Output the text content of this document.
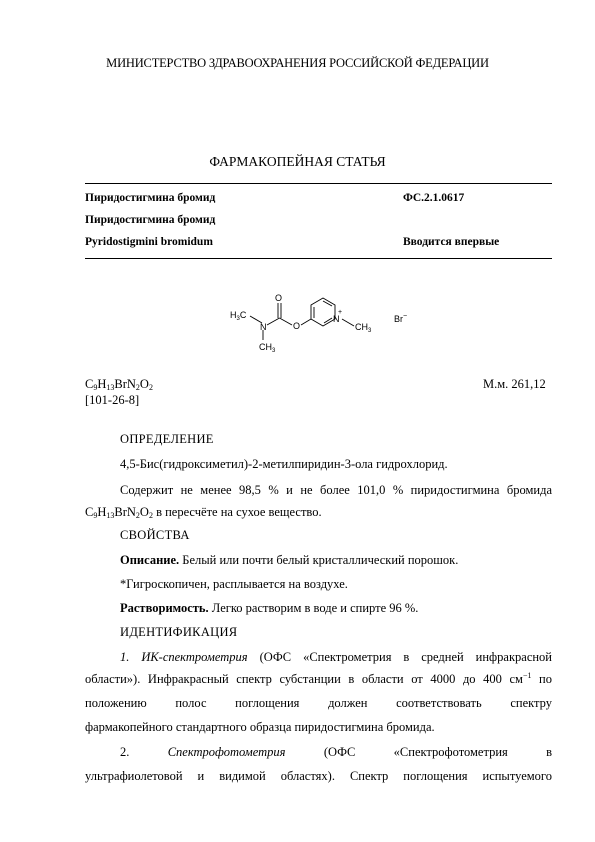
МИНИСТЕРСТВО ЗДРАВООХРАНЕНИЯ РОССИЙСКОЙ ФЕДЕРАЦИИ
ФАРМАКОПЕЙНАЯ СТАТЬЯ
Пиридостигмина бромид	ФС.2.1.0617
Пиридостигмина бромид
Pyridostigmini bromidum	Вводится впервые
O
N
$H_3C$
$CH_3$
O
N
+
$CH_3$
Br−
$C_9H_{13}BrN_2O_2$	М.м. 261,12
[101-26-8]
ОПРЕДЕЛЕНИЕ
4,5-Бис(гидроксиметил)-2-метилпиридин-3-ола гидрохлорид.
Содержит не менее 98,5 % и не более 101,0 % пиридостигмина бромида
$C_9H_{13}BrN_2O_2$ в пересчёте на сухое вещество.
СВОЙСТВА
Описание. Белый или почти белый кристаллический порошок.
*Гигроскопичен, расплывается на воздухе.
Растворимость. Легко растворим в воде и спирте 96 %.
ИДЕНТИФИКАЦИЯ
1. ИК-спектрометрия (ОФС «Спектрометрия в средней инфракрасной
области»). Инфракрасный спектр субстанции в области от 4000 до 400 $см^{-1}$ по
положению полос поглощения должен соответствовать спектру
фармакопейного стандартного образца пиридостигмина бромида.
2.	Спектрофотометрия (ОФС «Спектрофотометрия в
ультрафиолетовой и видимой областях). Спектр поглощения испытуемого
